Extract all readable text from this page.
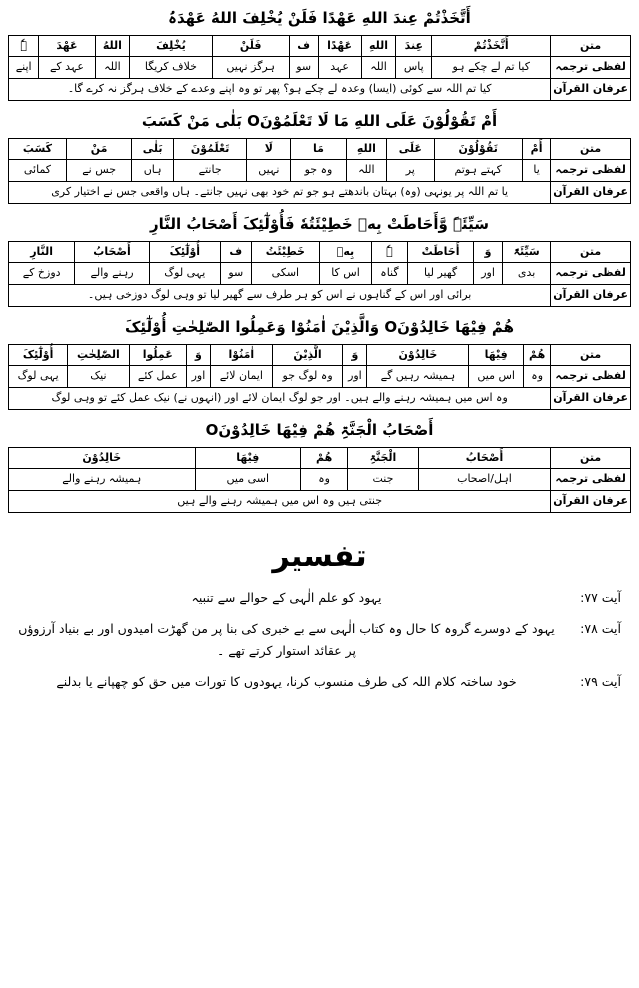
أَتَّخَذْتُمْ عِندَ اللهِ عَهْدًا فَلَنْ یُخْلِفَ اللهُ عَهْدَہُ
متن	أَتَّخَذْتُمْ	عِندَ	اللهِ	عَهْدًا	ف	فَلَنْ	یُخْلِفَ	اللهُ	عَهْدَ	ہٗ
لفظی ترجمہ	کیا تم لے چکے ہو	پاس	اللہ	عہد	سو	ہرگز نہیں	خلاف کریگا	اللہ	عہد کے	اپنے
عرفان القرآن	کیا تم اللہ سے کوئی (ایسا) وعدہ لے چکے ہو؟ پھر تو وہ اپنے وعدے کے خلاف ہرگز نہ کرے گا۔									
أَمْ تَقُوْلُوْنَ عَلَی اللهِ مَا لَا تَعْلَمُوْنَO بَلٰی مَنْ کَسَبَ
متن	أَمْ	تَقُوْلُوْنَ	عَلَی	اللهِ	مَا	لَا	تَعْلَمُوْنَ	بَلٰی	مَنْ	کَسَبَ
لفظی ترجمہ	یا	کہتے ہوتم	پر	اللہ	وہ جو	نہیں	جانتے	ہاں	جس نے	کمائی
عرفان القرآن	یا تم اللہ پر یونہی (وہ) بہتان باندھتے ہو جو تم خود بھی نہیں جانتے۔ ہاں واقعی جس نے اختیار کری									
سَیِّئَۃً وَّأَحَاطَتْ بِهٖ خَطِیْئَتُهٗ فَأُوْلٰٓئِکَ أَصْحَابُ النَّارِ
متن	سَیِّئَۃً	وَ	أَحَاطَتْ	ہٗ	بِهٖ	خَطِیْئَتُ	ف	أُوْلٰٓئِکَ	أَصْحَابُ	النَّارِ
لفظی ترجمہ	بدی	اور	گھیر لیا	گناہ	اس کا	اسکی	سو	یہی لوگ	رہنے والے	دوزخ کے
عرفان القرآن	برائی اور اس کے گناہوں نے اس کو ہر طرف سے گھیر لیا تو وہی لوگ دوزخی ہیں۔									
هُمْ فِیْهَا خَالِدُوْنَO وَالَّذِیْنَ اٰمَنُوْا وَعَمِلُوا الصّٰلِحٰتِ أُوْلٰٓئِکَ
متن	هُمْ	فِیْهَا	خَالِدُوْنَ	وَ	الَّذِیْنَ	اٰمَنُوْا	وَ	عَمِلُوا	الصّٰلِحٰتِ	أُوْلٰٓئِکَ
لفظی ترجمہ	وہ	اس میں	ہمیشہ رہیں گے	اور	وہ لوگ جو	ایمان لائے	اور	عمل کئے	نیک	یہی لوگ
عرفان القرآن	وہ اس میں ہمیشہ رہنے والے ہیں۔ اور جو لوگ ایمان لائے اور (انہوں نے) نیک عمل کئے تو وہی لوگ									
أَصْحَابُ الْجَنَّۃِ هُمْ فِیْهَا خَالِدُوْنَO
متن	أَصْحَابُ	الْجَنَّۃِ	هُمْ	فِیْهَا	خَالِدُوْنَ
لفظی ترجمہ	اہل/اصحاب	جنت	وہ	اسی میں	ہمیشہ رہنے والے
عرفان القرآن	جنتی ہیں وہ اس میں ہمیشہ رہنے والے ہیں				
تفسیر
آیت ۷۷:	یہود کو علم الٰہی کے حوالے سے تنبیہ
آیت ۷۸:	یہود کے دوسرے گروہ کا حال وہ کتاب الٰہی سے بے خبری کی بنا پر من گھڑت امیدوں اور بے بنیاد آرزوؤں پر عقائد استوار کرتے تھے ۔
آیت ۷۹:	خود ساختہ کلام اللہ کی طرف منسوب کرنا، یہودوں کا تورات میں حق کو چھپانے یا بدلنے
